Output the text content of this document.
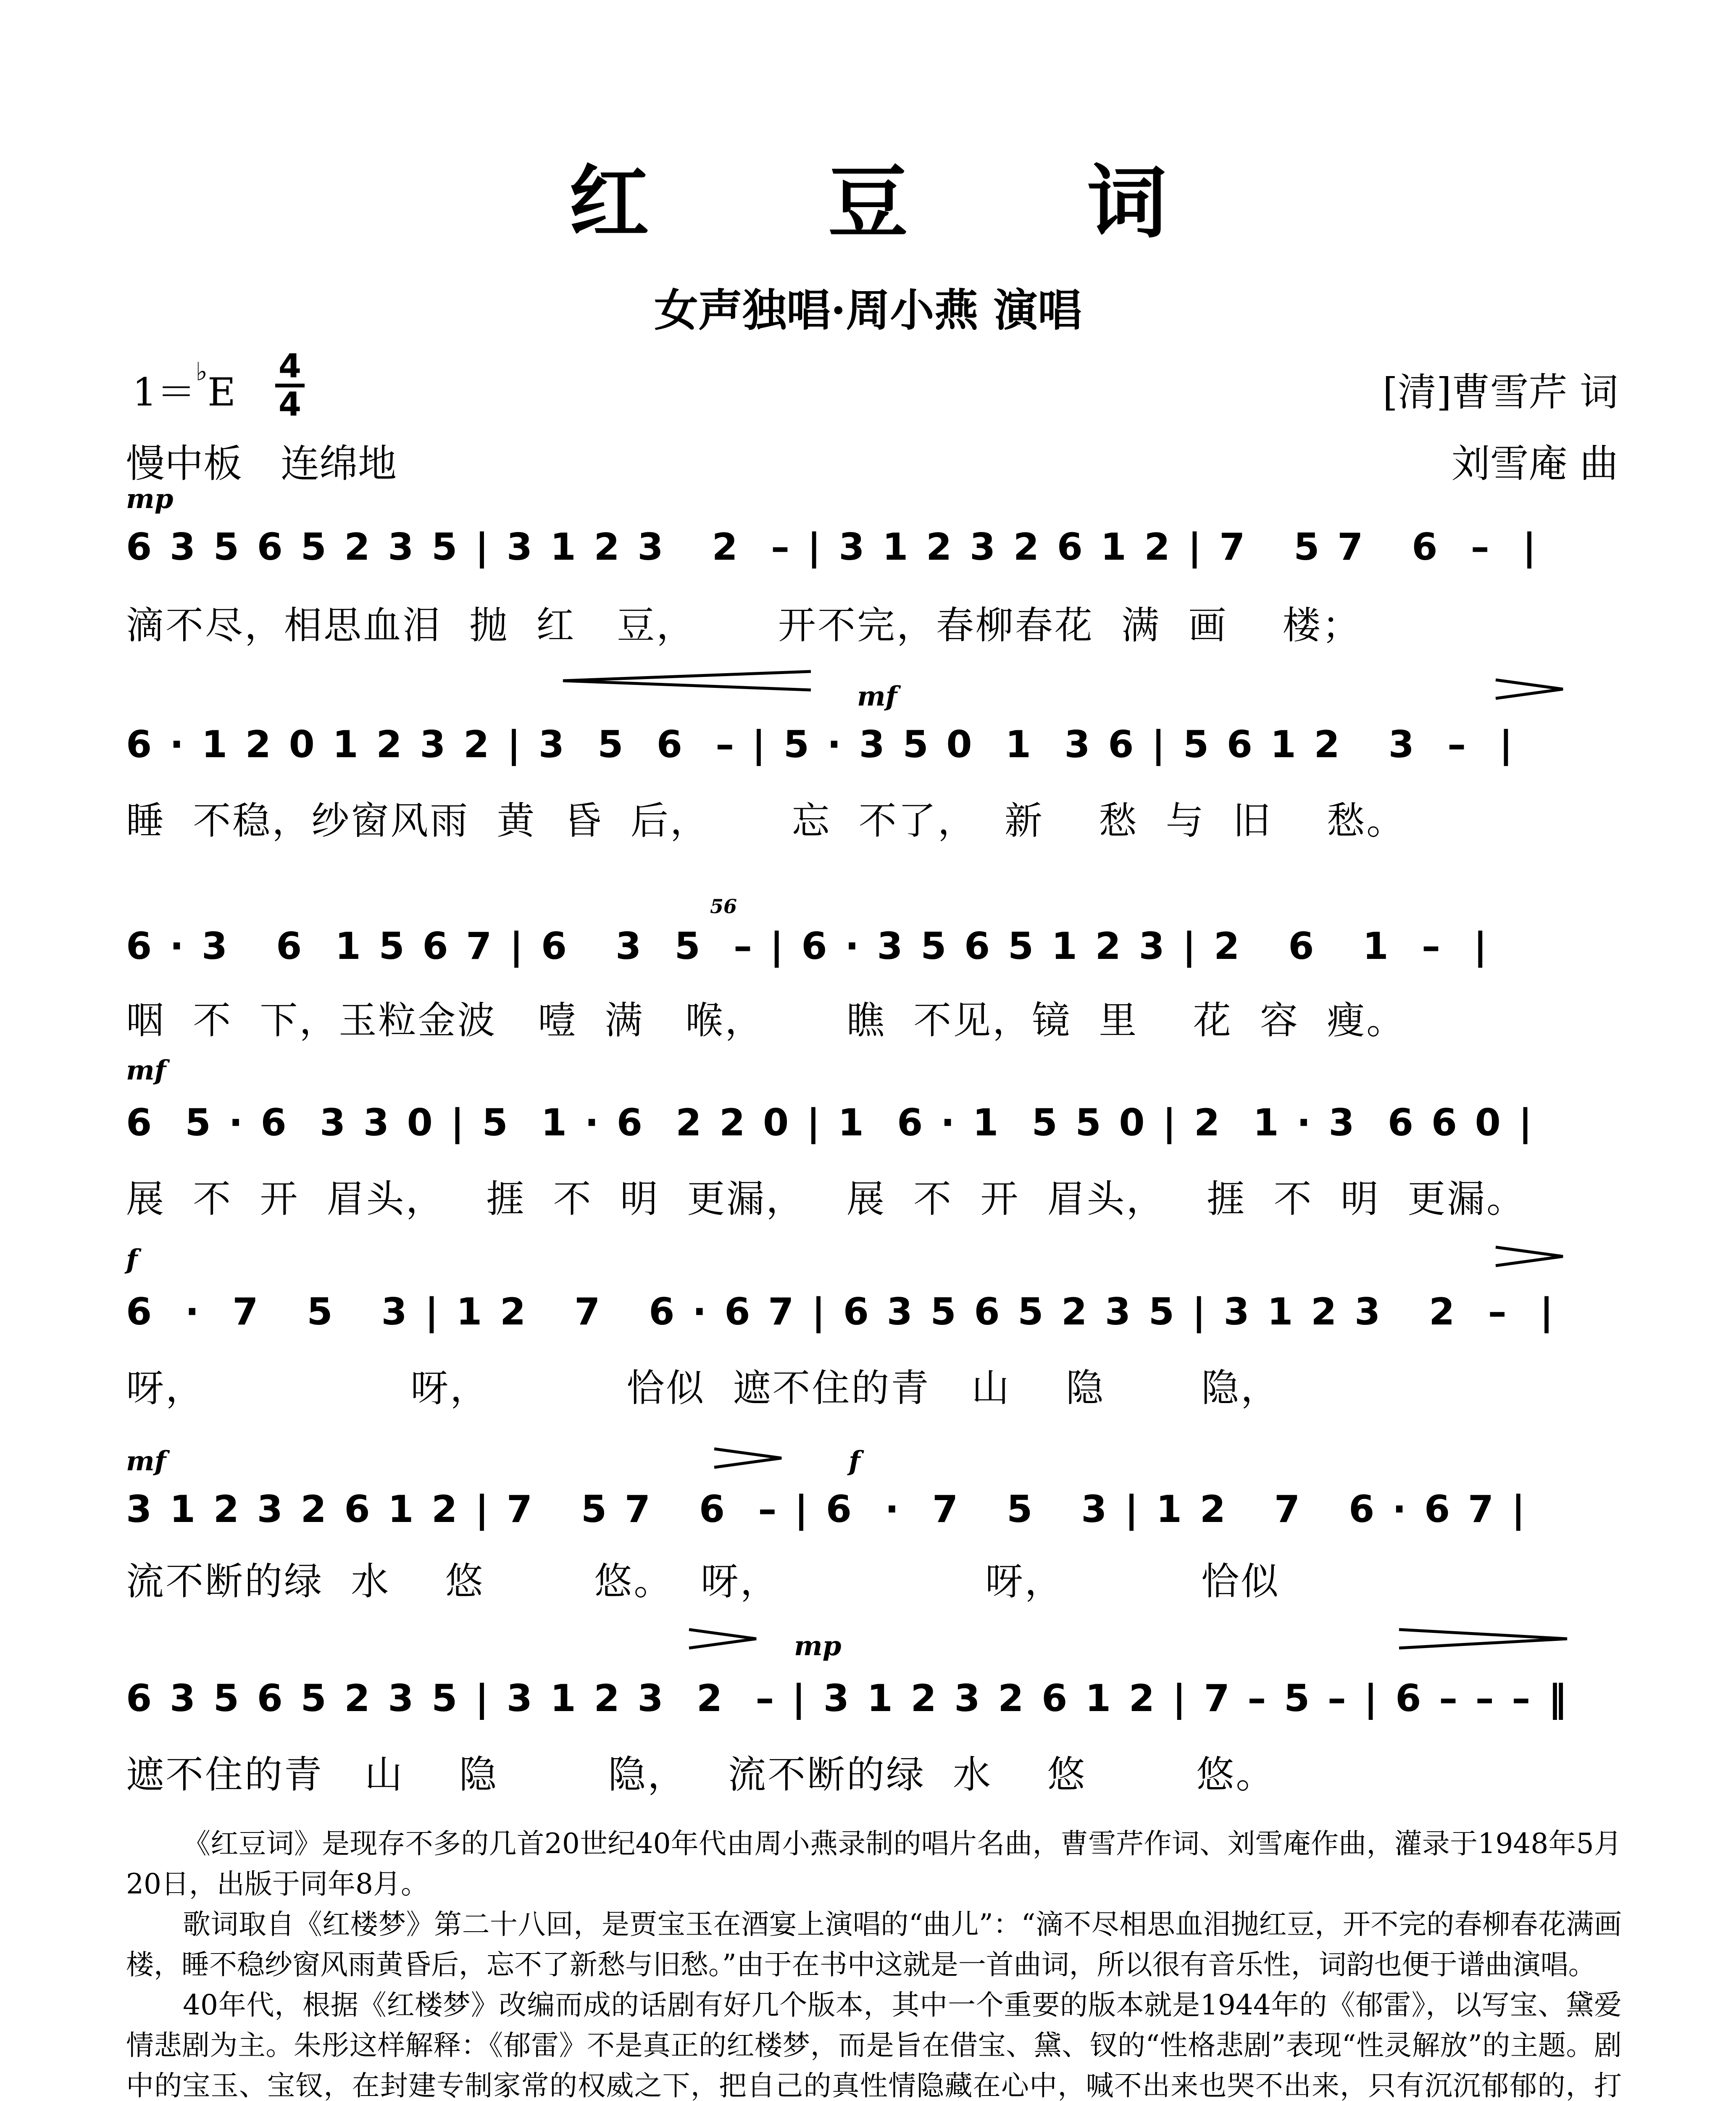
红 豆 词
女声独唱·周小燕 演唱
1＝♭E
4
4
慢中板　连绵地
[清]曹雪芹 词
刘雪庵 曲
mp
6 3 5 6 5 2 3 5 | 3 1 2 3   2  – | 3 1 2 3 2 6 1 2 | 7   5 7   6  –  |
滴不尽，相思血泪  抛  红   豆，      开不完，春柳春花  满  画    楼；
mf
6 · 1 2 0 1 2 3 2 | 3  5  6  – | 5 · 3 5 0  1  3 6 | 5 6 1 2   3  –  |
睡  不稳，纱窗风雨  黄  昏  后，      忘  不了，  新    愁  与  旧    愁。
56
6 · 3   6  1 5 6 7 | 6   3  5  – | 6 · 3 5 6 5 1 2 3 | 2   6   1  –  |
咽  不  下，玉粒金波   噎  满   喉，      瞧  不见，镜  里    花  容  瘦。
mf
6  5 · 6  3 3 0 | 5  1 · 6  2 2 0 | 1  6 · 1  5 5 0 | 2  1 · 3  6 6 0 |
展  不  开  眉头，   捱  不  明  更漏，   展  不  开  眉头，   捱  不  明  更漏。
f
6  ·  7   5   3 | 1 2   7   6 · 6 7 | 6 3 5 6 5 2 3 5 | 3 1 2 3   2  –  |
呀，               呀，          恰似  遮不住的青   山    隐       隐，
mf	f
3 1 2 3 2 6 1 2 | 7   5 7   6  – | 6  ·  7   5   3 | 1 2   7   6 · 6 7 |
流不断的绿  水    悠        悠。  呀，               呀，          恰似
mp
6 3 5 6 5 2 3 5 | 3 1 2 3  2  – | 3 1 2 3 2 6 1 2 | 7 – 5 – | 6 – – – ‖
遮不住的青   山    隐        隐，   流不断的绿  水    悠        悠。

《红豆词》是现存不多的几首20世纪40年代由周小燕录制的唱片名曲，曹雪芹作词、刘雪庵作曲，灌录于1948年5月20日，出版于同年8月。

歌词取自《红楼梦》第二十八回，是贾宝玉在酒宴上演唱的“曲儿”：“滴不尽相思血泪抛红豆，开不完的春柳春花满画楼，睡不稳纱窗风雨黄昏后，忘不了新愁与旧愁。”由于在书中这就是一首曲词，所以很有音乐性，词韵也便于谱曲演唱。

40年代，根据《红楼梦》改编而成的话剧有好几个版本，其中一个重要的版本就是1944年的《郁雷》，以写宝、黛爱情悲剧为主。朱彤这样解释：《郁雷》不是真正的红楼梦，而是旨在借宝、黛、钗的“性格悲剧”表现“性灵解放”的主题。剧中的宝玉、宝钗，在封建专制家常的权威之下，把自己的真性情隐藏在心中，喊不出来也哭不出来，只有沉沉郁郁的，打
